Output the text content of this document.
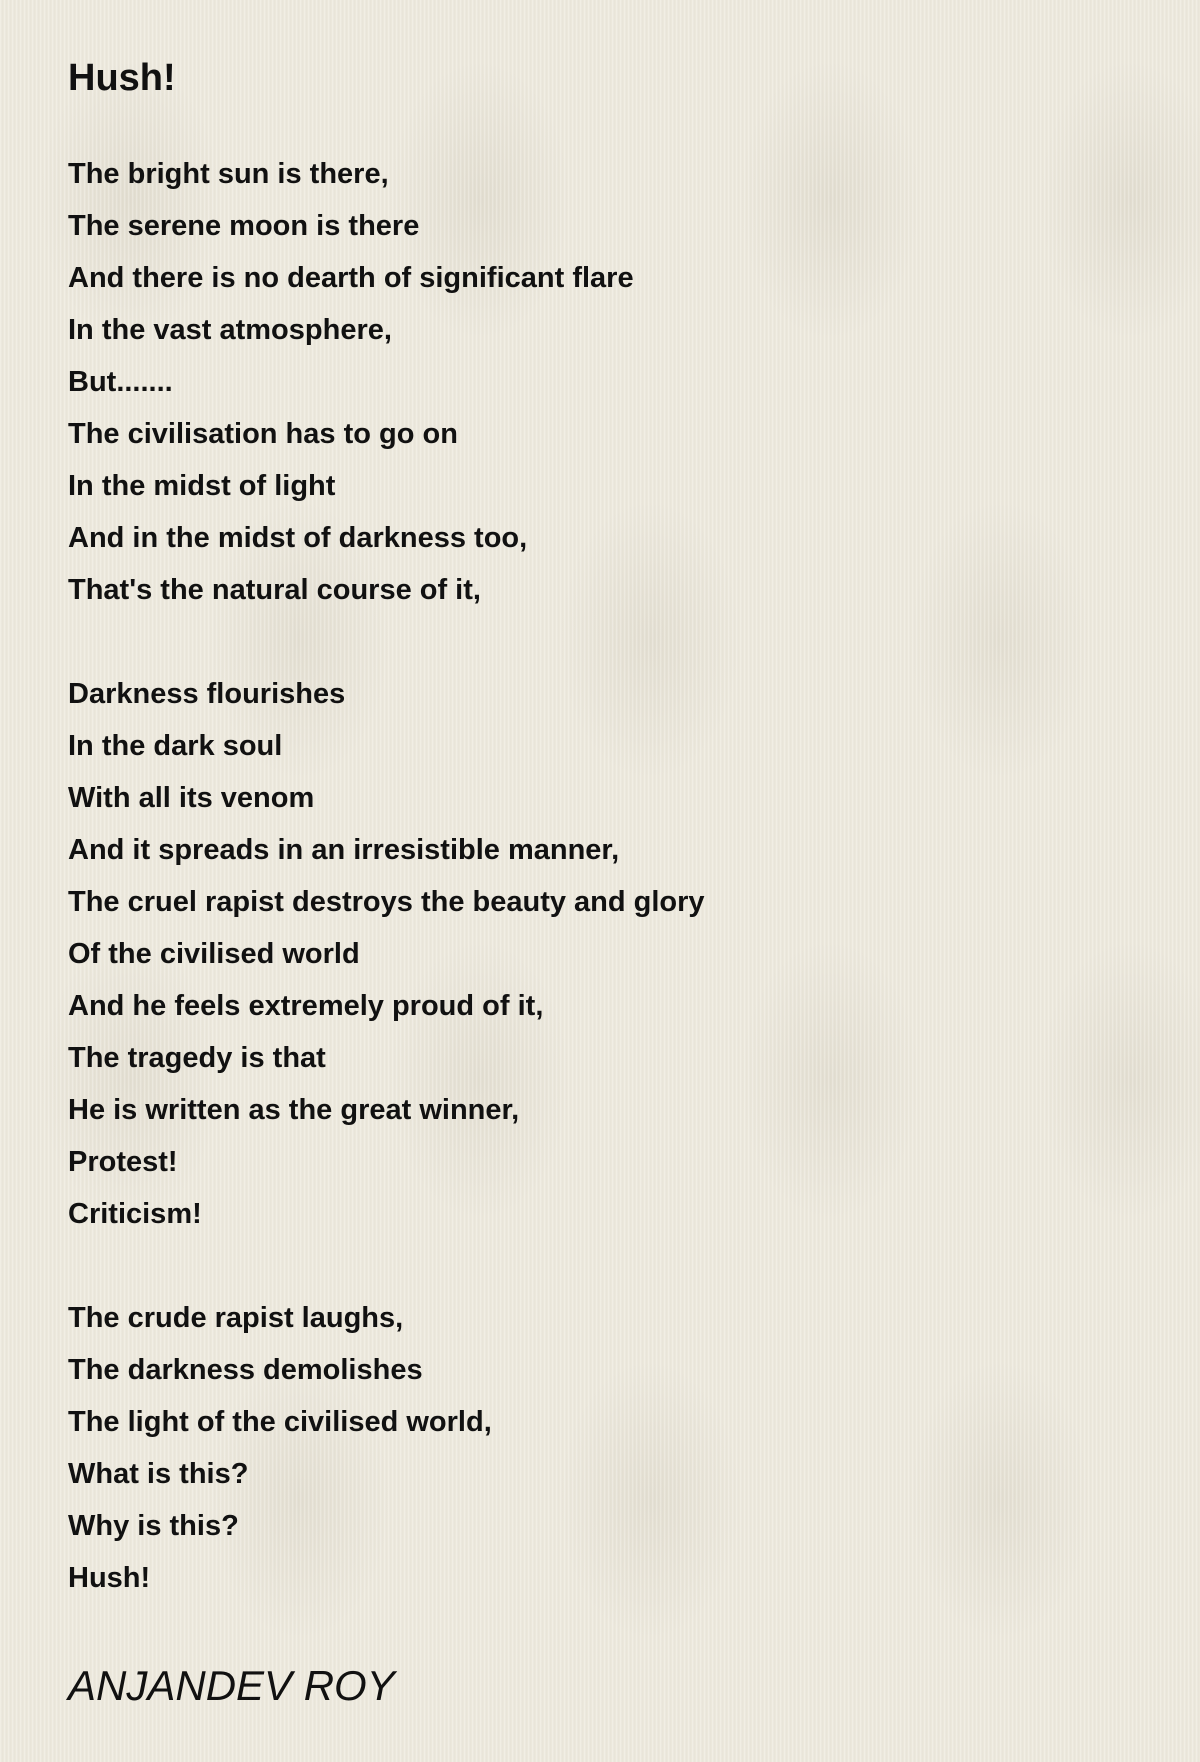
Hush!
The bright sun is there,
The serene moon is there
And there is no dearth of significant flare
In the vast atmosphere,
But.......
The civilisation has to go on
In the midst of light
And in the midst of darkness too,
That's the natural course of it,
Darkness flourishes
In the dark soul
With all its venom
And it spreads in an irresistible manner,
The cruel rapist destroys the beauty and glory
Of the civilised world
And he feels extremely proud of it,
The tragedy is that
He is written as the great winner,
Protest!
Criticism!
The crude rapist laughs,
The darkness demolishes
The light of the civilised world,
What is this?
Why is this?
Hush!
ANJANDEV ROY
